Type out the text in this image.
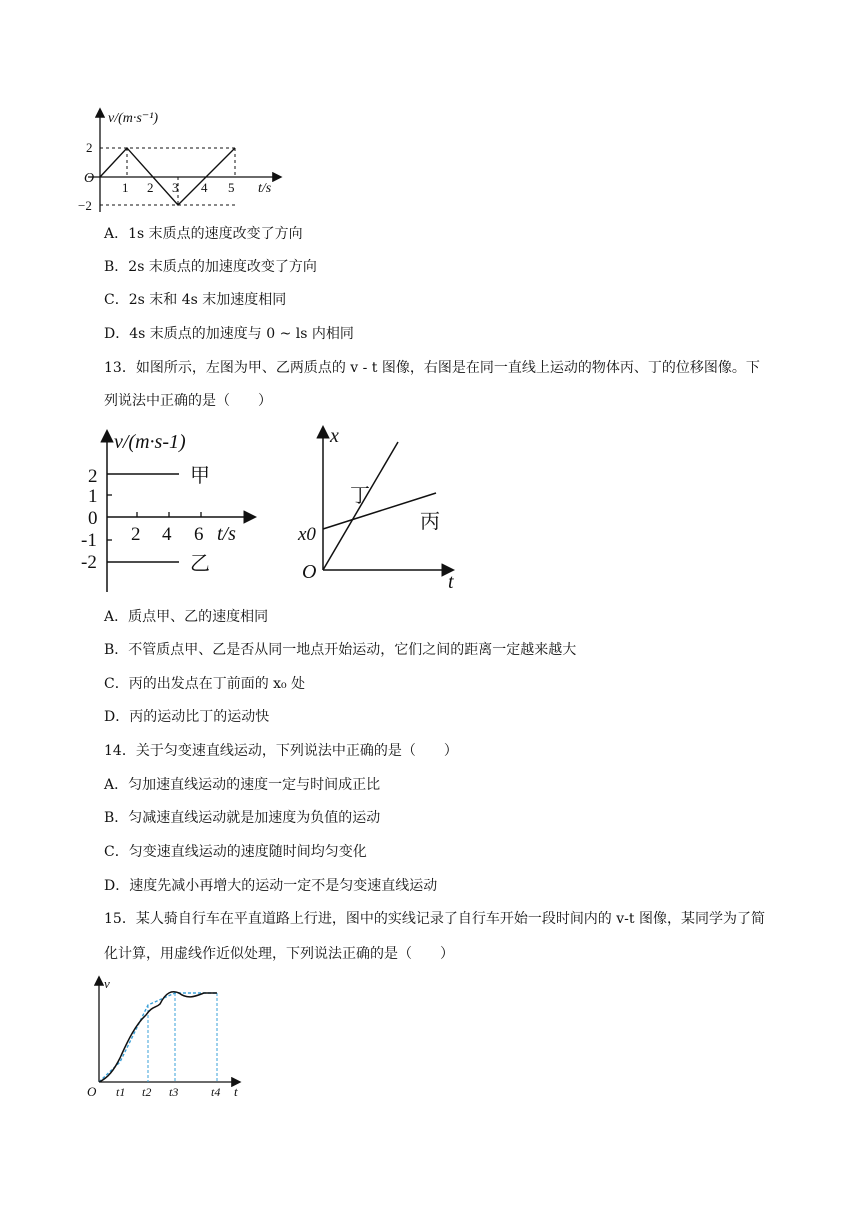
v/(m·s⁻¹)
2
−2
O
1 2 3 4 5 t/s
A．1s 末质点的速度改变了方向
B．2s 末质点的加速度改变了方向
C．2s 末和 4s 末加速度相同
D．4s 末质点的加速度与 0 ~ ls 内相同
13．如图所示，左图为甲、乙两质点的 v - t 图像，右图是在同一直线上运动的物体丙、丁的位移图像。下
列说法中正确的是（　　）
v/(m·s-1)
2
1
0
-1
-2
2 4 6 t/s
甲
乙
x
t
O
x0
丁
丙
A．质点甲、乙的速度相同
B．不管质点甲、乙是否从同一地点开始运动，它们之间的距离一定越来越大
C．丙的出发点在丁前面的 x₀ 处
D．丙的运动比丁的运动快
14．关于匀变速直线运动，下列说法中正确的是（　　）
A．匀加速直线运动的速度一定与时间成正比
B．匀减速直线运动就是加速度为负值的运动
C．匀变速直线运动的速度随时间均匀变化
D．速度先减小再增大的运动一定不是匀变速直线运动
15．某人骑自行车在平直道路上行进，图中的实线记录了自行车开始一段时间内的 v-t 图像，某同学为了简
化计算，用虚线作近似处理，下列说法正确的是（　　）
v
t
O t1 t2 t3	t4
